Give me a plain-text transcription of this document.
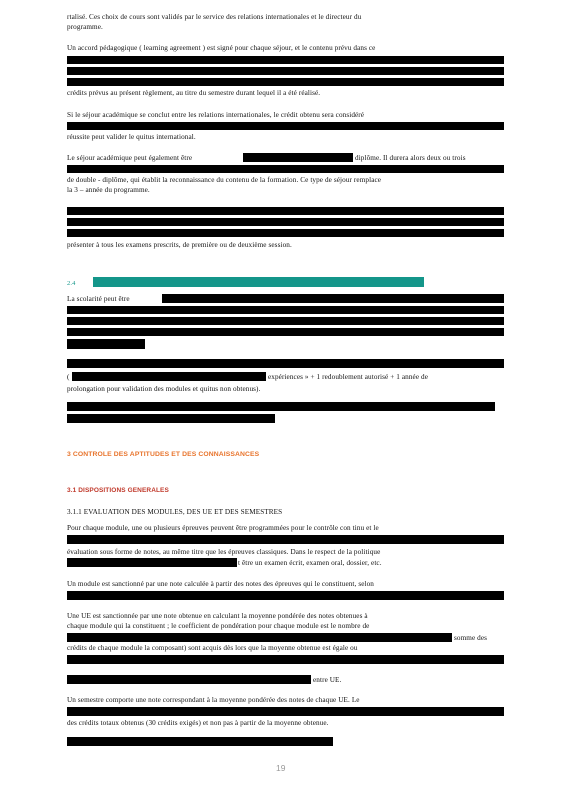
rtalisé. Ces choix de cours sont validés par le service des relations internationales et le directeur du
programme.
Un accord pédagogique ( learning agreement ) est signé pour chaque séjour, et le contenu prévu dans ce
crédits prévus au présent règlement, au titre du semestre durant lequel il a été réalisé.
Si le séjour académique se conclut entre les relations internationales, le crédit obtenu sera considéré
réussite peut valider le quitus international.
Le séjour académique peut également être	diplôme. Il durera alors deux ou trois
de double - diplôme, qui établit la reconnaissance du contenu de la formation. Ce type de séjour remplace
la 3 – année du programme.
présenter à tous les examens prescrits, de première ou de deuxième session.
2.4
La scolarité peut être
(	expériences » + 1 redoublement autorisé + 1 année de
prolongation pour validation des modules et quitus non obtenus).
3 CONTROLE DES APTITUDES ET DES CONNAISSANCES
3.1 DISPOSITIONS GENERALES
3.1.1 EVALUATION DES MODULES, DES UE ET DES SEMESTRES
Pour chaque module, une ou plusieurs épreuves peuvent être programmées pour le contrôle con tinu et le
évaluation sous forme de notes, au même titre que les épreuves classiques. Dans le respect de la politique
t être un examen écrit, examen oral, dossier, etc.
Un module est sanctionné par une note calculée à partir des notes des épreuves qui le constituent, selon
Une UE est sanctionnée par une note obtenue en calculant la moyenne pondérée des notes obtenues à
chaque module qui la constituent ; le coefficient de pondération pour chaque module est le nombre de
somme des
crédits de chaque module la composant) sont acquis dès lors que la moyenne obtenue est égale ou
entre UE.
Un semestre comporte une note correspondant à la moyenne pondérée des notes de chaque UE. Le
des crédits totaux obtenus (30 crédits exigés) et non pas à partir de la moyenne obtenue.
19
